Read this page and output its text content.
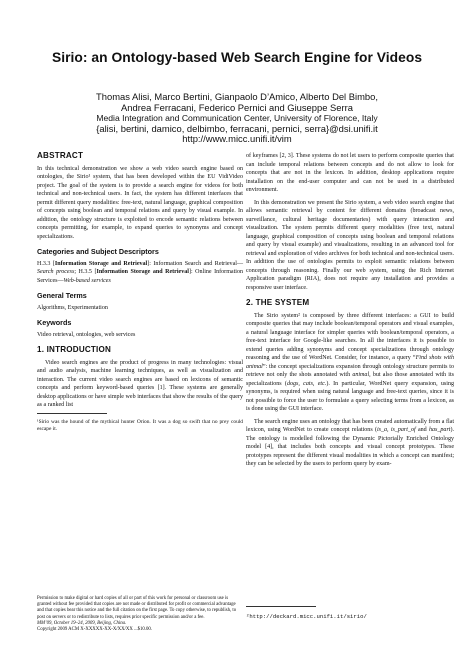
Sirio: an Ontology-based Web Search Engine for Videos
Thomas Alisi, Marco Bertini, Gianpaolo D’Amico, Alberto Del Bimbo,
Andrea Ferracani, Federico Pernici and Giuseppe Serra
Media Integration and Communication Center, University of Florence, Italy
{alisi, bertini, damico, delbimbo, ferracani, pernici, serra}@dsi.unifi.it
http://www.micc.unifi.it/vim
ABSTRACT

In this technical demonstration we show a web video search engine based on ontologies, the Sirio¹ system, that has been developed within the EU VidiVideo project. The goal of the system is to provide a search engine for videos for both technical and non-technical users. In fact, the system has different interfaces that permit different query modalities: free-text, natural language, graphical composition of concepts using boolean and temporal relations and query by visual example. In addition, the ontology structure is exploited to encode semantic relations between concepts permitting, for example, to expand queries to synonyms and concept specializations.

Categories and Subject Descriptors

H.3.3 [Information Storage and Retrieval]: Information Search and Retrieval—Search process; H.3.5 [Information Storage and Retrieval]: Online Information Services—Web-based services

General Terms

Algorithms, Experimentation

Keywords

Video retrieval, ontologies, web services

1. INTRODUCTION

Video search engines are the product of progress in many technologies: visual and audio analysis, machine learning techniques, as well as visualization and interaction. The current video search engines are based on lexicons of semantic concepts and perform keyword-based queries [1]. These systems are generally desktop applications or have simple web interfaces that show the results of the query as a ranked list

¹Sirio was the hound of the mythical hunter Orion. It was a dog so swift that no prey could escape it.

Permission to make digital or hard copies of all or part of this work for personal or classroom use is granted without fee provided that copies are not made or distributed for profit or commercial advantage and that copies bear this notice and the full citation on the first page. To copy otherwise, to republish, to post on servers or to redistribute to lists, requires prior specific permission and/or a fee.
MM’09, October 19–24, 2009, Beijing, China.
Copyright 2009 ACM X-XXXXX-XX-X/XX/XX ...$10.00.

of keyframes [2, 3]. These systems do not let users to perform composite queries that can include temporal relations between concepts and do not allow to look for concepts that are not in the lexicon. In addition, desktop applications require installation on the end-user computer and can not be used in a distributed environment.

In this demonstration we present the Sirio system, a web video search engine that allows semantic retrieval by content for different domains (broadcast news, surveillance, cultural heritage documentaries) with query interaction and visualization. The system permits different query modalities (free text, natural language, graphical composition of concepts using boolean and temporal relations and query by visual example) and visualizations, resulting in an advanced tool for retrieval and exploration of video archives for both technical and non-technical users. In addition the use of ontologies permits to exploit semantic relations between concepts through reasoning. Finally our web system, using the Rich Internet Application paradigm (RIA), does not require any installation and provides a responsive user interface.

2. THE SYSTEM

The Sirio system² is composed by three different interfaces: a GUI to build composite queries that may include boolean/temporal operators and visual examples, a natural language interface for simpler queries with boolean/temporal operators, a free-text interface for Google-like searches. In all the interfaces it is possible to extend queries adding synonyms and concept specializations through ontology reasoning and the use of WordNet. Consider, for instance, a query “Find shots with animal”: the concept specializations expansion through ontology structure permits to retrieve not only the shots annotated with animal, but also those annotated with its specializations (dogs, cats, etc.). In particular, WordNet query expansion, using synonyms, is required when using natural language and free-text queries, since it is not possible to force the user to formulate a query selecting terms from a lexicon, as is done using the GUI interface.

The search engine uses an ontology that has been created automatically from a flat lexicon, using WordNet to create concept relations (is_a, is_part_of and has_part). The ontology is modelled following the Dynamic Pictorially Enriched Ontology model [4], that includes both concepts and visual concept prototypes. These prototypes represent the different visual modalities in which a concept can manifest; they can be selected by the users to perform query by exam-

²http://deckard.micc.unifi.it/sirio/
